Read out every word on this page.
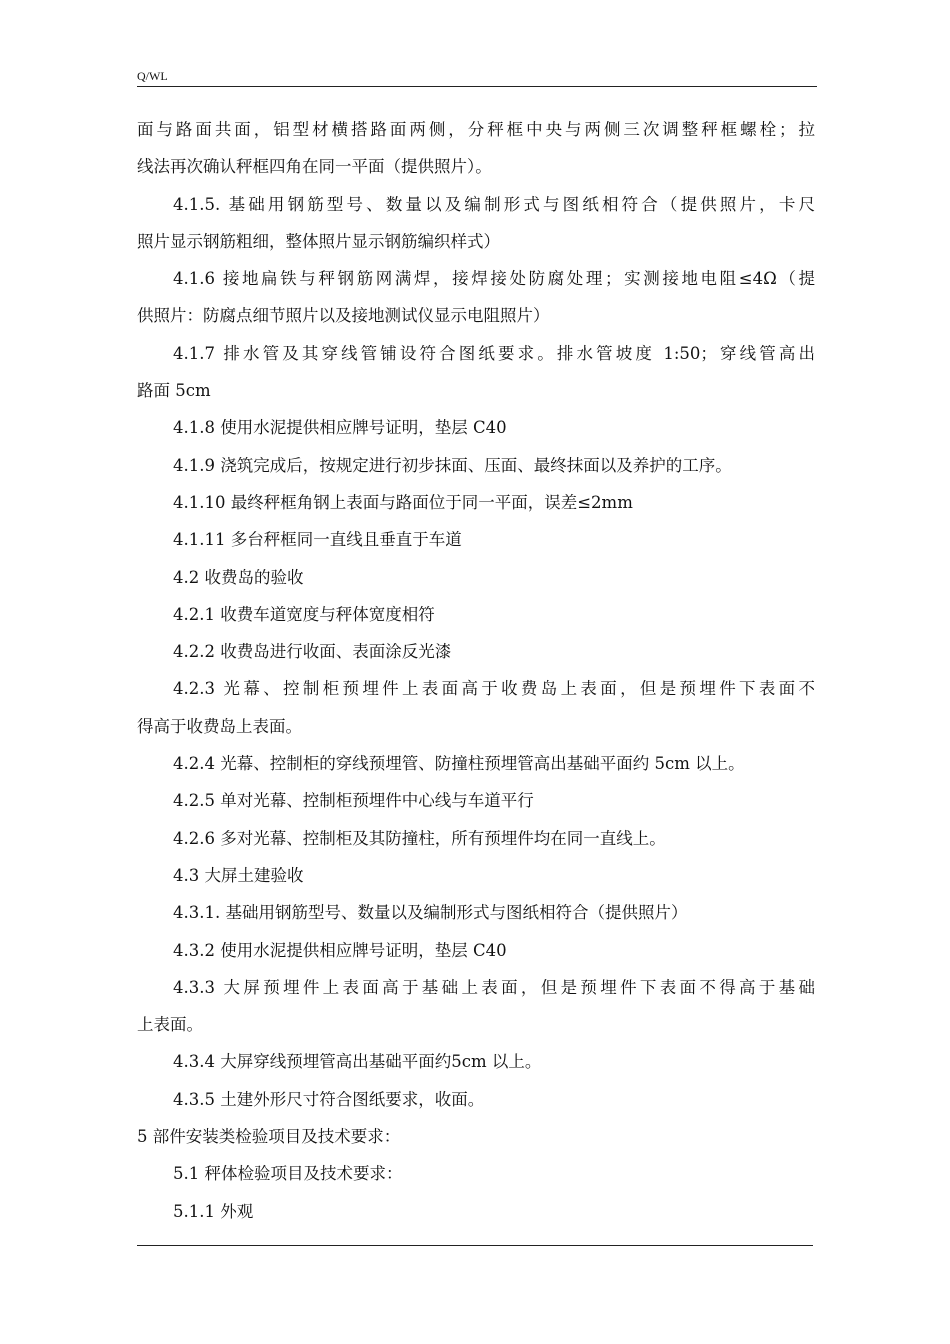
Q/WL
面与路面共面，铝型材横搭路面两侧，分秤框中央与两侧三次调整秤框螺栓；拉
线法再次确认秤框四角在同一平面（提供照片）。
4.1.5. 基础用钢筋型号、数量以及编制形式与图纸相符合（提供照片，卡尺
照片显示钢筋粗细，整体照片显示钢筋编织样式）
4.1.6 接地扁铁与秤钢筋网满焊，接焊接处防腐处理；实测接地电阻≤4Ω（提
供照片：防腐点细节照片以及接地测试仪显示电阻照片）
4.1.7 排水管及其穿线管铺设符合图纸要求。排水管坡度 1:50；穿线管高出
路面 5cm
4.1.8 使用水泥提供相应牌号证明，垫层 C40
4.1.9 浇筑完成后，按规定进行初步抹面、压面、最终抹面以及养护的工序。
4.1.10 最终秤框角钢上表面与路面位于同一平面，误差≤2mm
4.1.11 多台秤框同一直线且垂直于车道
4.2 收费岛的验收
4.2.1 收费车道宽度与秤体宽度相符
4.2.2 收费岛进行收面、表面涂反光漆
4.2.3 光幕、控制柜预埋件上表面高于收费岛上表面，但是预埋件下表面不
得高于收费岛上表面。
4.2.4 光幕、控制柜的穿线预埋管、防撞柱预埋管高出基础平面约 5cm 以上。
4.2.5 单对光幕、控制柜预埋件中心线与车道平行
4.2.6 多对光幕、控制柜及其防撞柱，所有预埋件均在同一直线上。
4.3 大屏土建验收
4.3.1. 基础用钢筋型号、数量以及编制形式与图纸相符合（提供照片）
4.3.2 使用水泥提供相应牌号证明，垫层 C40
4.3.3 大屏预埋件上表面高于基础上表面，但是预埋件下表面不得高于基础
上表面。
4.3.4 大屏穿线预埋管高出基础平面约5cm 以上。
4.3.5 土建外形尺寸符合图纸要求，收面。
5 部件安装类检验项目及技术要求：
5.1 秤体检验项目及技术要求：
5.1.1 外观
